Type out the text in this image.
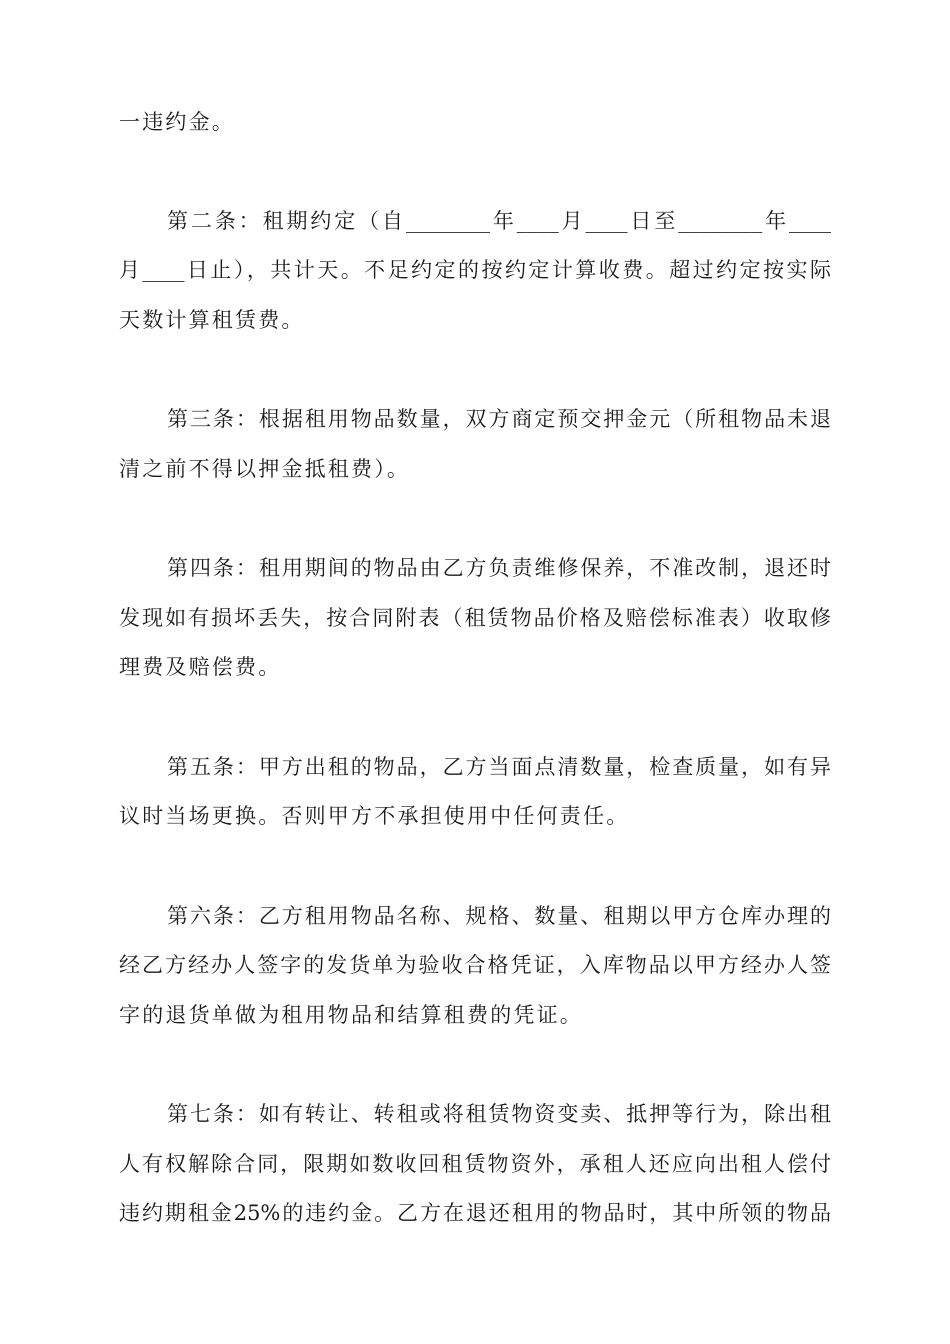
一违约金。
第二条：租期约定（自________年____月____日至________年____
月____日止），共计天。不足约定的按约定计算收费。超过约定按实际
天数计算租赁费。
第三条：根据租用物品数量，双方商定预交押金元（所租物品未退
清之前不得以押金抵租费）。
第四条：租用期间的物品由乙方负责维修保养，不准改制，退还时
发现如有损坏丢失，按合同附表（租赁物品价格及赔偿标准表）收取修
理费及赔偿费。
第五条：甲方出租的物品，乙方当面点清数量，检查质量，如有异
议时当场更换。否则甲方不承担使用中任何责任。
第六条：乙方租用物品名称、规格、数量、租期以甲方仓库办理的
经乙方经办人签字的发货单为验收合格凭证，入库物品以甲方经办人签
字的退货单做为租用物品和结算租费的凭证。
第七条：如有转让、转租或将租赁物资变卖、抵押等行为，除出租
人有权解除合同，限期如数收回租赁物资外，承租人还应向出租人偿付
违约期租金25%的违约金。乙方在退还租用的物品时，其中所领的物品
